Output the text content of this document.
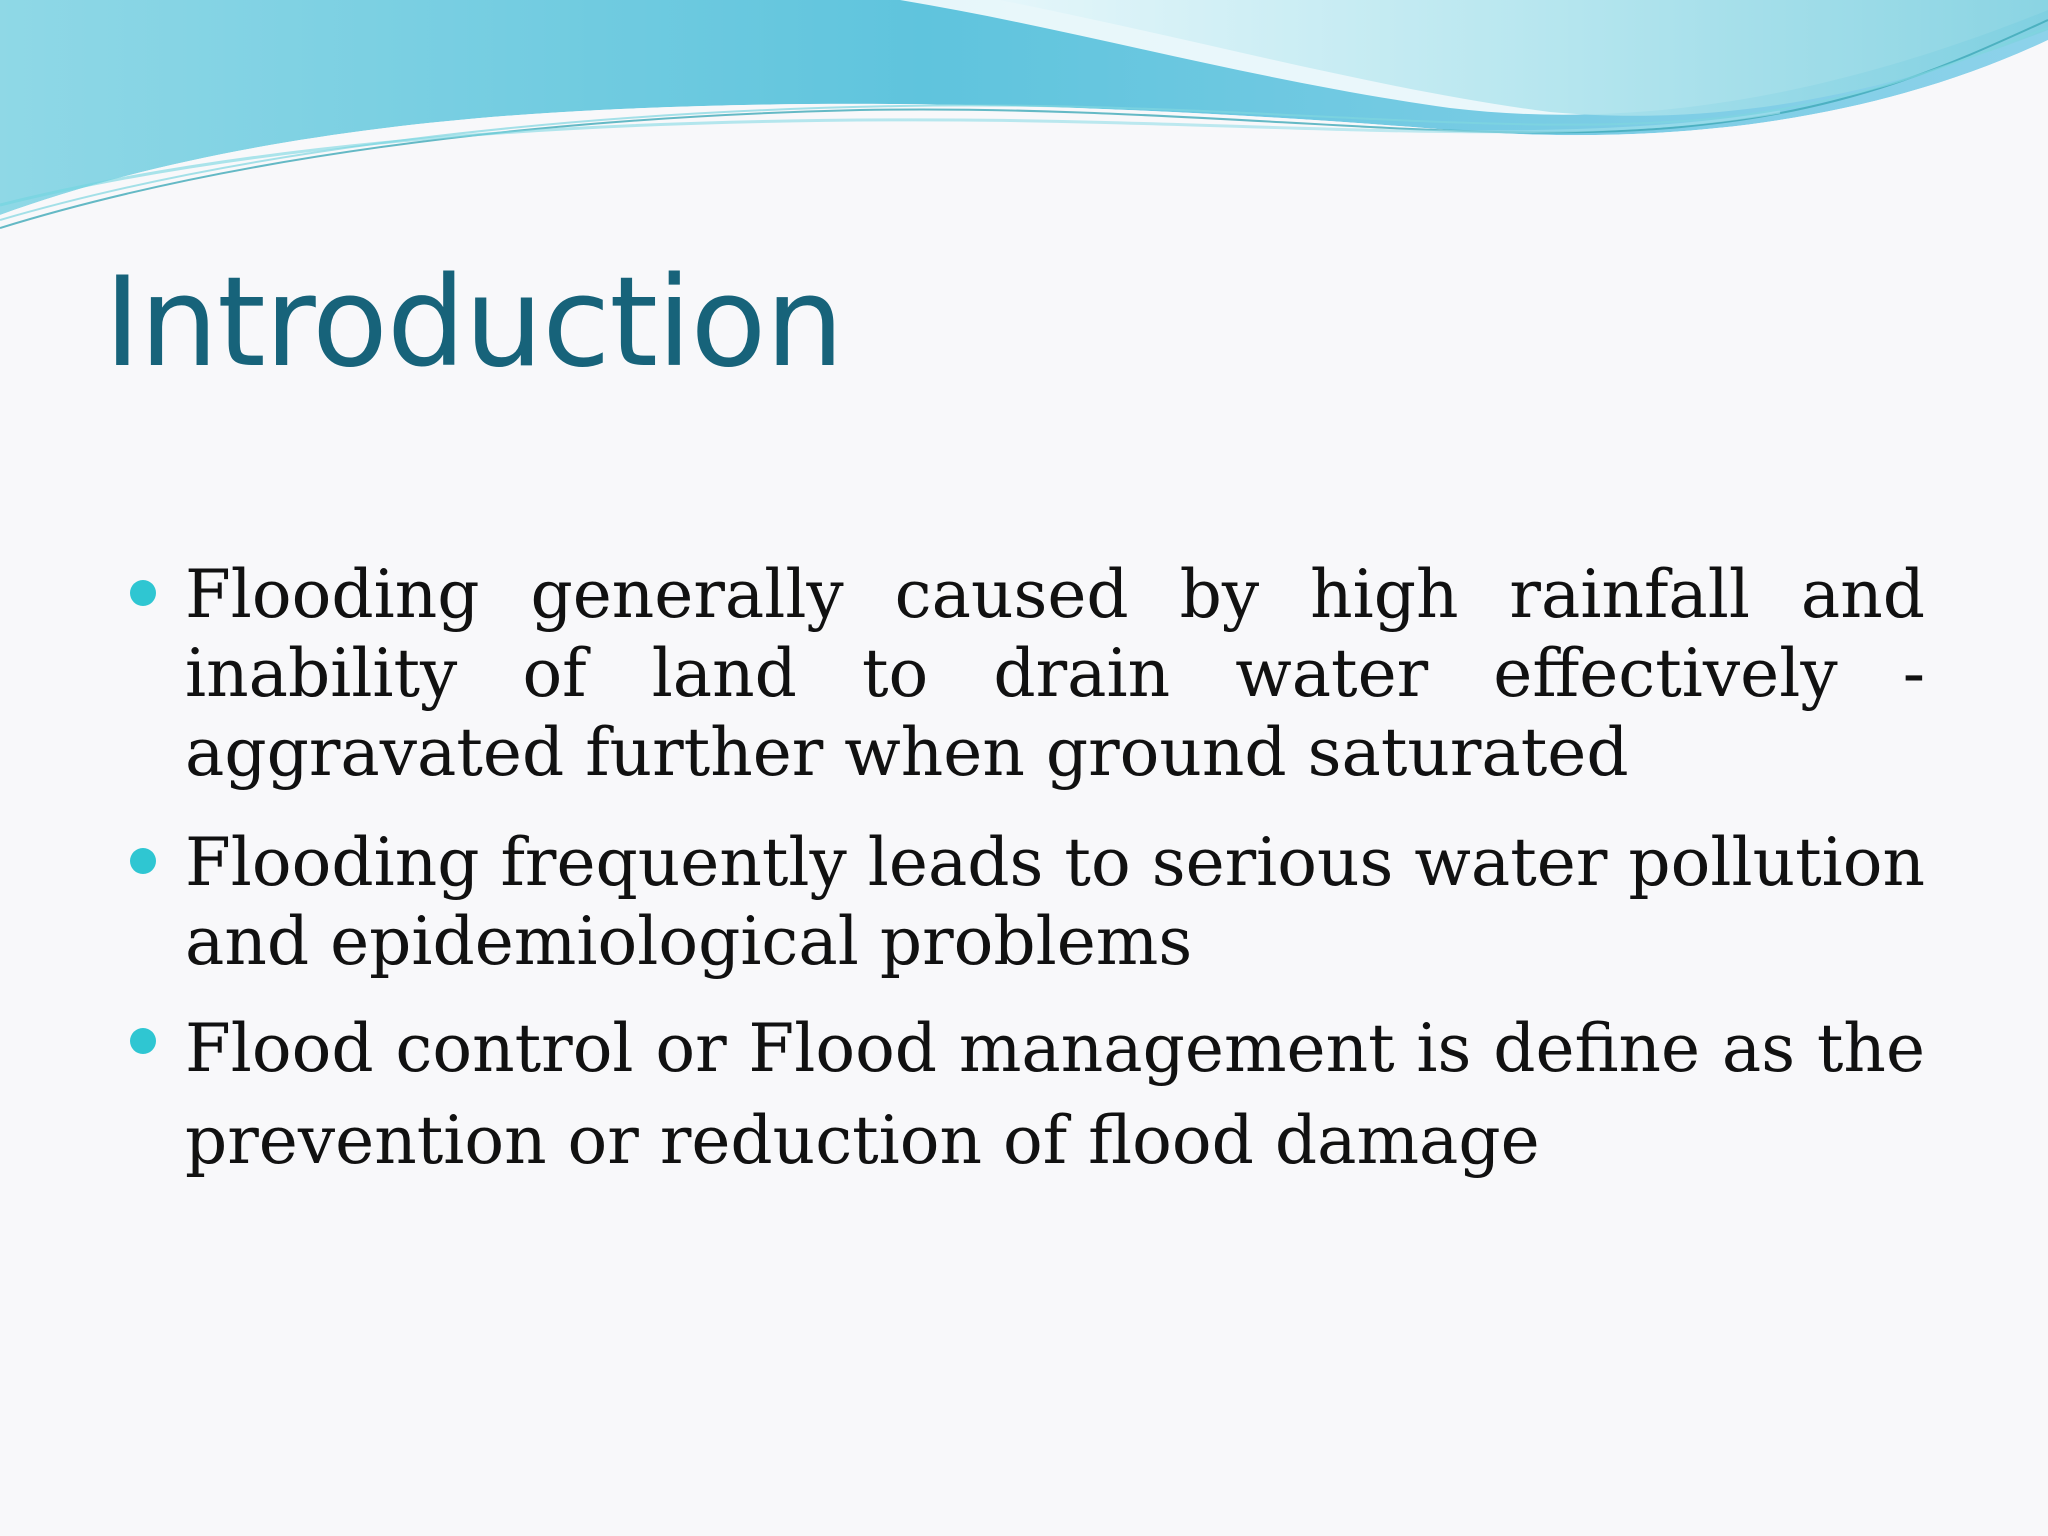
Introduction
Flooding generally caused by high rainfall and inability of land to drain water effectively - aggravated further when ground saturated
Flooding frequently leads to serious water pollution and epidemiological problems
Flood control or Flood management is define as the prevention or reduction of flood damage
